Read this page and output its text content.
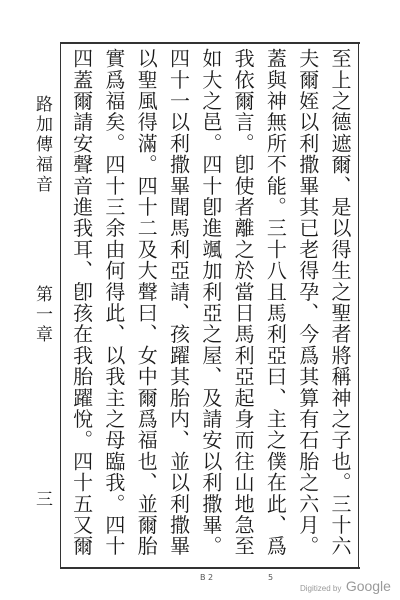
路加傳福音
第一章
三

至上之德遮爾、是以得生之聖者將稱神之子也。三十六夫爾姪以利撒畢其已老得孕、今爲其算有石胎之六月。蓋與神無所不能。三十八且馬利亞曰、主之僕在此、爲我依爾言。卽使者離之於當日馬利亞起身而往山地急至如大之邑。四十卽進颯加利亞之屋、及請安以利撒畢。四十一以利撒畢聞馬利亞請、孩躍其胎内、並以利撒畢以聖風得滿。四十二及大聲曰、女中爾爲福也、並爾胎實爲福矣。四十三余由何得此、以我主之母臨我。四十四蓋爾請安聲音進我耳、卽孩在我胎躍悅。四十五又爾

B 2	5
Digitized by Google
